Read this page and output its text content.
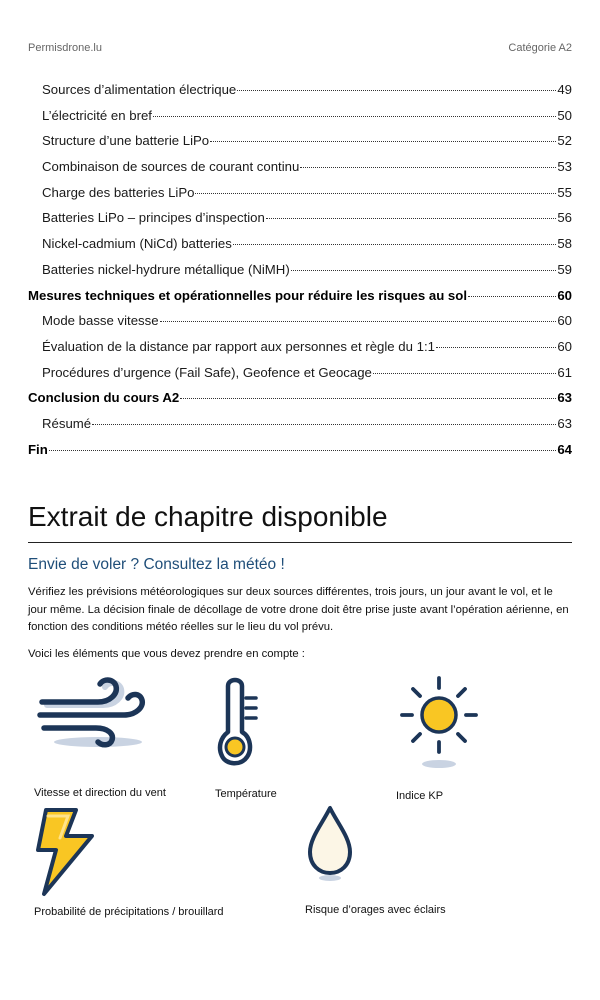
Permisdrone.lu	Catégorie A2
Sources d’alimentation électrique	49
L’électricité en bref	50
Structure d’une batterie LiPo	52
Combinaison de sources de courant continu	53
Charge des batteries LiPo	55
Batteries LiPo – principes d’inspection	56
Nickel-cadmium (NiCd) batteries	58
Batteries nickel-hydrure métallique (NiMH)	59
Mesures techniques et opérationnelles pour réduire les risques au sol	60
Mode basse vitesse	60
Évaluation de la distance par rapport aux personnes et règle du 1:1	60
Procédures d’urgence (Fail Safe), Geofence et Geocage	61
Conclusion du cours A2	63
Résumé	63
Fin	64
Extrait de chapitre disponible
Envie de voler ? Consultez la météo !

Vérifiez les prévisions météorologiques sur deux sources différentes, trois jours, un jour avant le vol, et le jour même. La décision finale de décollage de votre drone doit être prise juste avant l’opération aérienne, en fonction des conditions météo réelles sur le lieu du vol prévu.

Voici les éléments que vous devez prendre en compte :

Vitesse et direction du vent	Température	Indice KP
Probabilité de précipitations / brouillard	Risque d’orages avec éclairs
